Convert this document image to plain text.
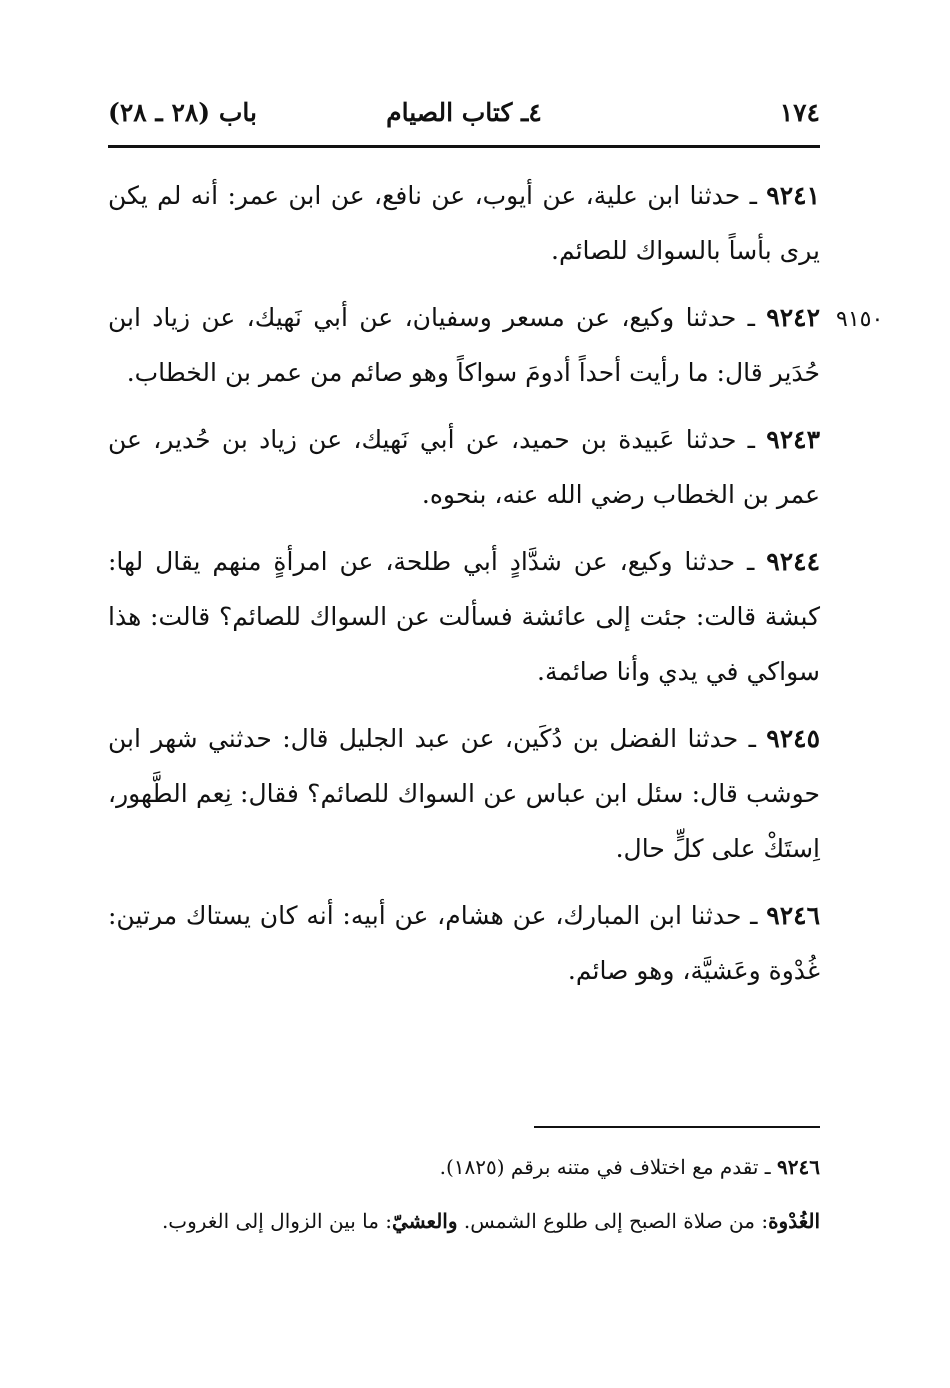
١٧٤
٤ـ كتاب الصيام
باب (٢٨ ـ ٢٨)
٩١٥٠

٩٢٤١ ـ حدثنا ابن علية، عن أيوب، عن نافع، عن ابن عمر: أنه لم يكن يرى بأساً بالسواك للصائم.

٩٢٤٢ ـ حدثنا وكيع، عن مسعر وسفيان، عن أبي نَهيك، عن زياد ابن حُدَير قال: ما رأيت أحداً أدومَ سواكاً وهو صائم من عمر بن الخطاب.

٩٢٤٣ ـ حدثنا عَبيدة بن حميد، عن أبي نَهيك، عن زياد بن حُدير، عن عمر بن الخطاب رضي الله عنه، بنحوه.

٩٢٤٤ ـ حدثنا وكيع، عن شدَّادٍ أبي طلحة، عن امرأةٍ منهم يقال لها: كبشة قالت: جئت إلى عائشة فسألت عن السواك للصائم؟ قالت: هذا سواكي في يدي وأنا صائمة.

٩٢٤٥ ـ حدثنا الفضل بن دُكَين، عن عبد الجليل قال: حدثني شهر ابن حوشب قال: سئل ابن عباس عن السواك للصائم؟ فقال: نِعم الطَّهور، اِستَكْ على كلٍّ حال.

٩٢٤٦ ـ حدثنا ابن المبارك، عن هشام، عن أبيه: أنه كان يستاك مرتين: غُدْوة وعَشيَّة، وهو صائم.

٩٢٤٦ ـ تقدم مع اختلاف في متنه برقم (١٨٢٥).

الغُدْوة: من صلاة الصبح إلى طلوع الشمس. والعشيّ: ما بين الزوال إلى الغروب.
